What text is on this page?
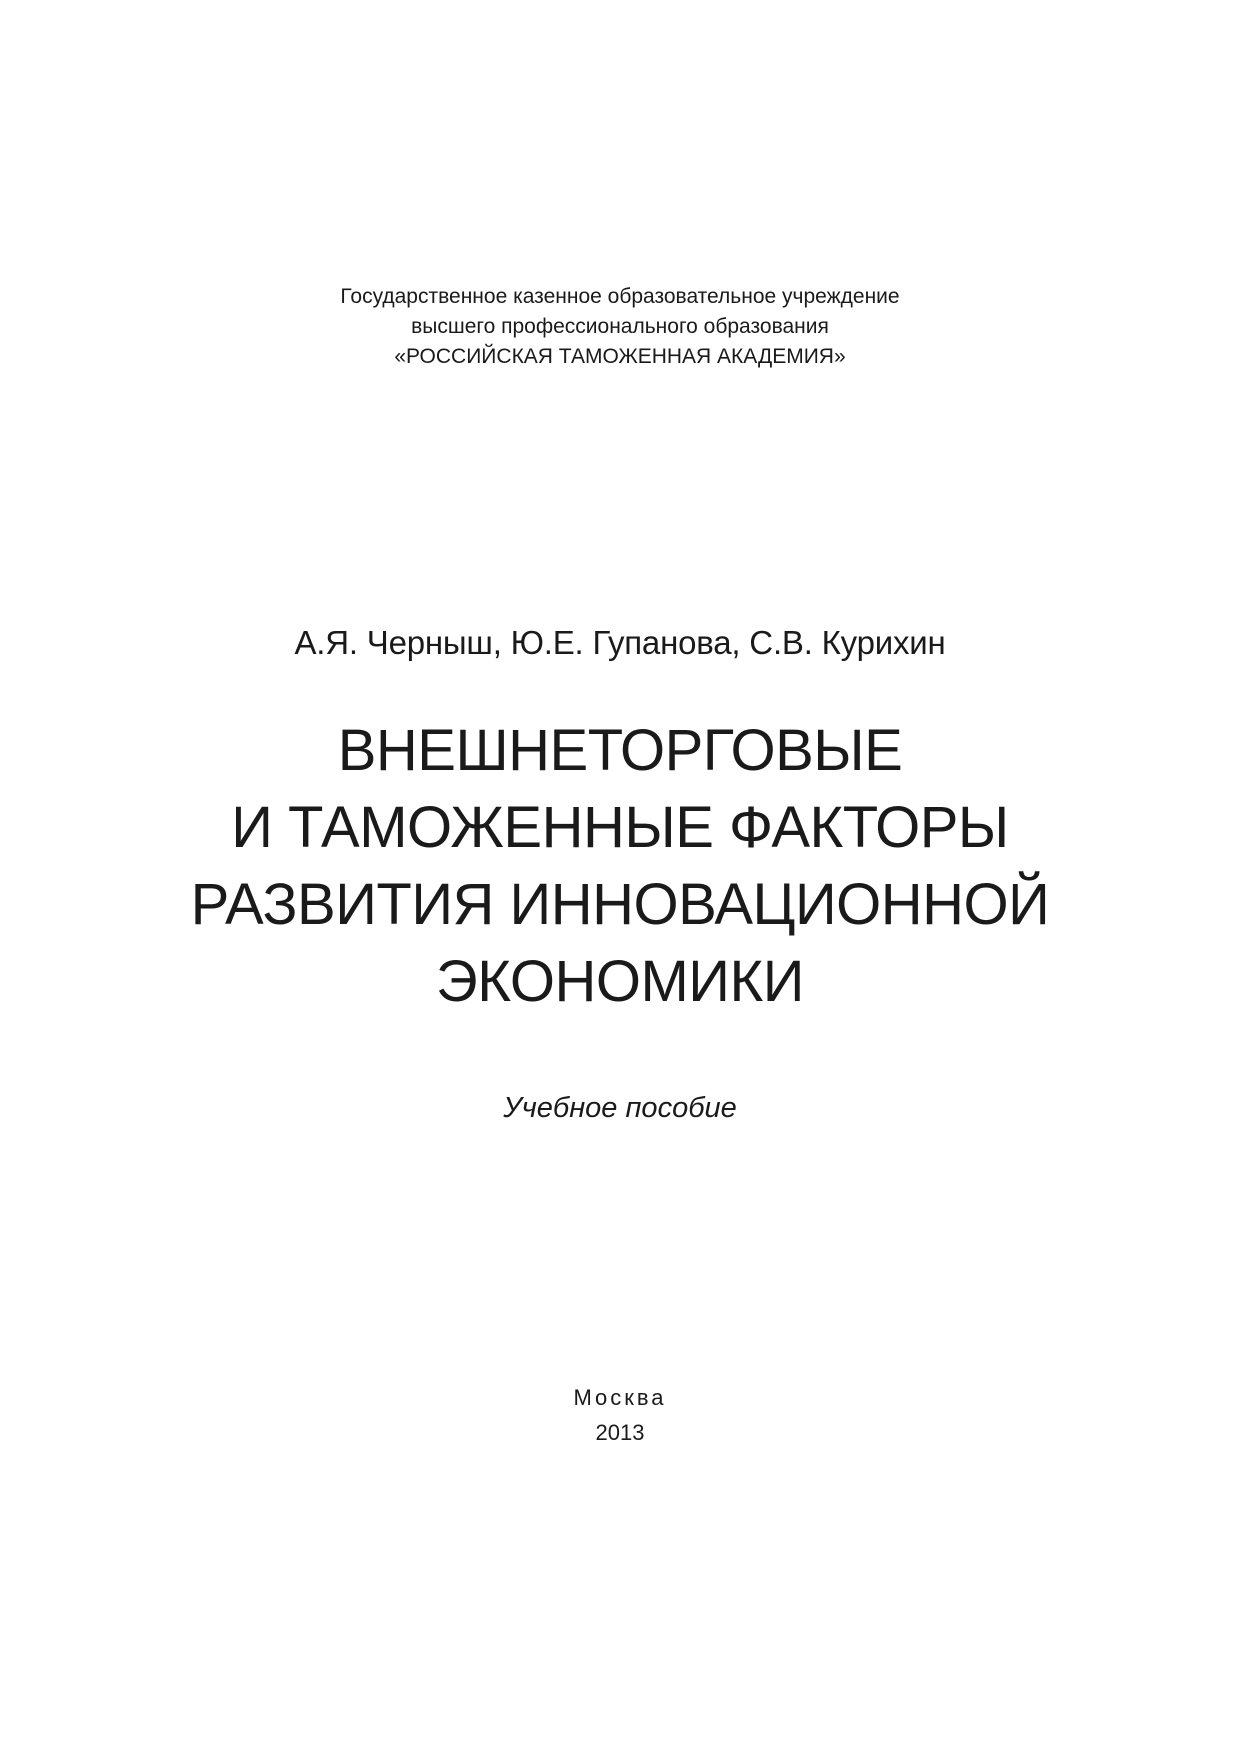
Государственное казенное образовательное учреждение
высшего профессионального образования
«РОССИЙСКАЯ ТАМОЖЕННАЯ АКАДЕМИЯ»
А.Я. Черныш, Ю.Е. Гупанова, С.В. Курихин
ВНЕШНЕТОРГОВЫЕ
И ТАМОЖЕННЫЕ ФАКТОРЫ
РАЗВИТИЯ ИННОВАЦИОННОЙ
ЭКОНОМИКИ
Учебное пособие
Москва
2013
